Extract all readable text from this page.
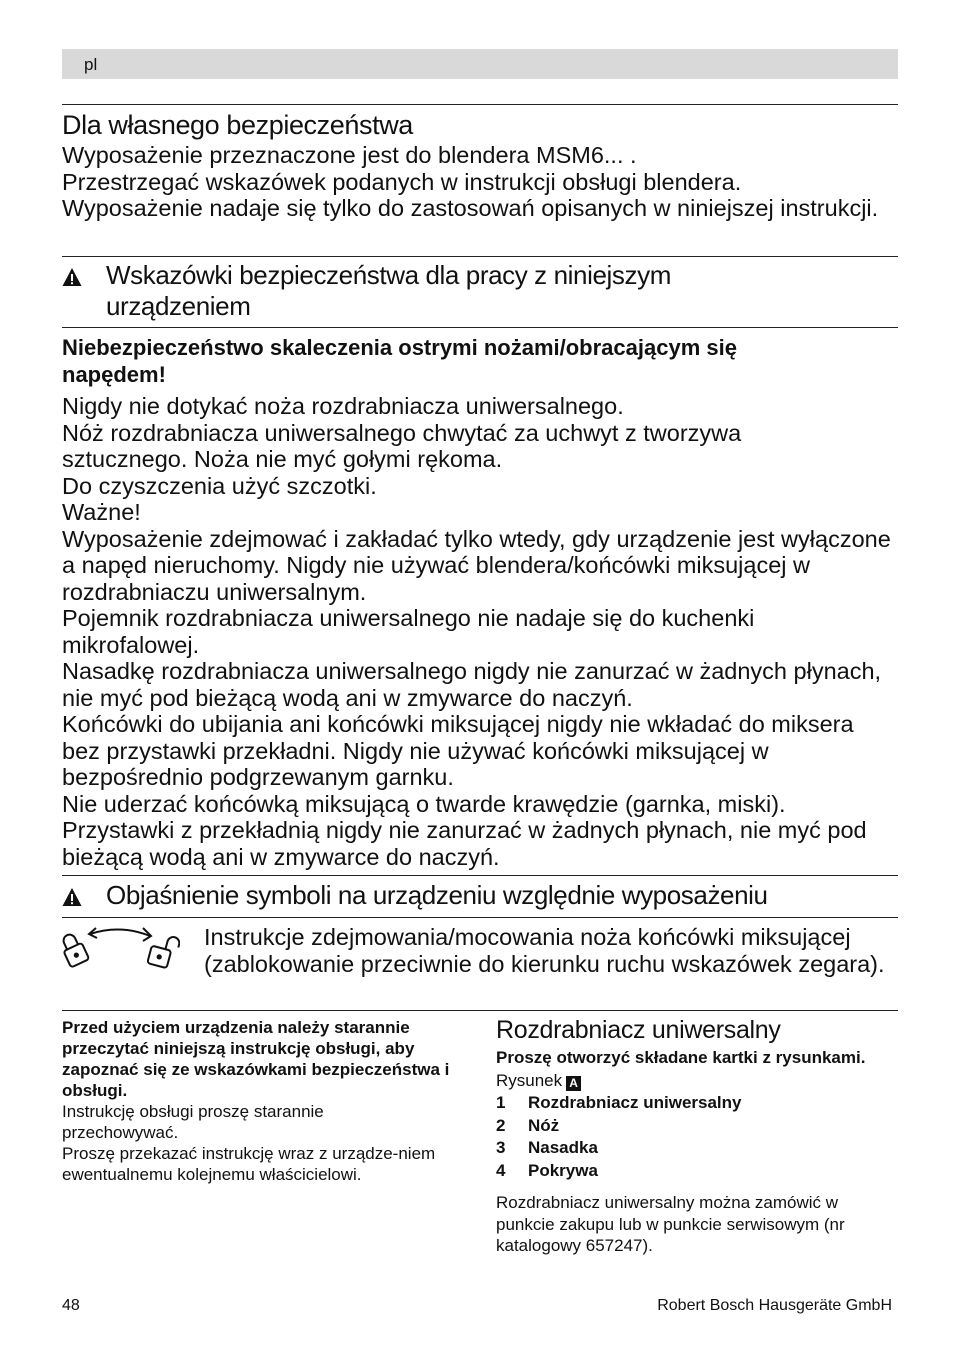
pl
Dla własnego bezpieczeństwa

Wyposażenie przeznaczone jest do blendera MSM6... .

Przestrzegać wskazówek podanych w instrukcji obsługi blendera.

Wyposażenie nadaje się tylko do zastosowań opisanych w niniejszej instrukcji.

Wskazówki bezpieczeństwa dla pracy z niniejszym urządzeniem
Niebezpieczeństwo skaleczenia ostrymi nożami/obracającym się napędem!

Nigdy nie dotykać noża rozdrabniacza uniwersalnego.

Nóż rozdrabniacza uniwersalnego chwytać za uchwyt z tworzywa sztucznego. Noża nie myć gołymi rękoma.

Do czyszczenia użyć szczotki.

Ważne!

Wyposażenie zdejmować i zakładać tylko wtedy, gdy urządzenie jest wyłączone a napęd nieruchomy. Nigdy nie używać blendera/końcówki miksującej w rozdrabniaczu uniwersalnym.

Pojemnik rozdrabniacza uniwersalnego nie nadaje się do kuchenki mikrofalowej.

Nasadkę rozdrabniacza uniwersalnego nigdy nie zanurzać w żadnych płynach, nie myć pod bieżącą wodą ani w zmywarce do naczyń.

Końcówki do ubijania ani końcówki miksującej nigdy nie wkładać do miksera bez przystawki przekładni. Nigdy nie używać końcówki miksującej w bezpośrednio podgrzewanym garnku.

Nie uderzać końcówką miksującą o twarde krawędzie (garnka, miski).

Przystawki z przekładnią nigdy nie zanurzać w żadnych płynach, nie myć pod bieżącą wodą ani w zmywarce do naczyń.

Objaśnienie symboli na urządzeniu względnie wyposażeniu
Instrukcje zdejmowania/mocowania noża końcówki miksującej (zablokowanie przeciwnie do kierunku ruchu wskazówek zegara).

Przed użyciem urządzenia należy starannie przeczytać niniejszą instrukcję obsługi, aby zapoznać się ze wskazówkami bezpieczeństwa i obsługi.

Instrukcję obsługi proszę starannie przechowywać.

Proszę przekazać instrukcję wraz z urządze-niem ewentualnemu kolejnemu właścicielowi.

Rozdrabniacz uniwersalny

Proszę otworzyć składane kartki z rysunkami.

Rysunek A

1 Rozdrabniacz uniwersalny
2 Nóż
3 Nasadka
4 Pokrywa

Rozdrabniacz uniwersalny można zamówić w punkcie zakupu lub w punkcie serwisowym (nr katalogowy 657247).

48	Robert Bosch Hausgeräte GmbH
